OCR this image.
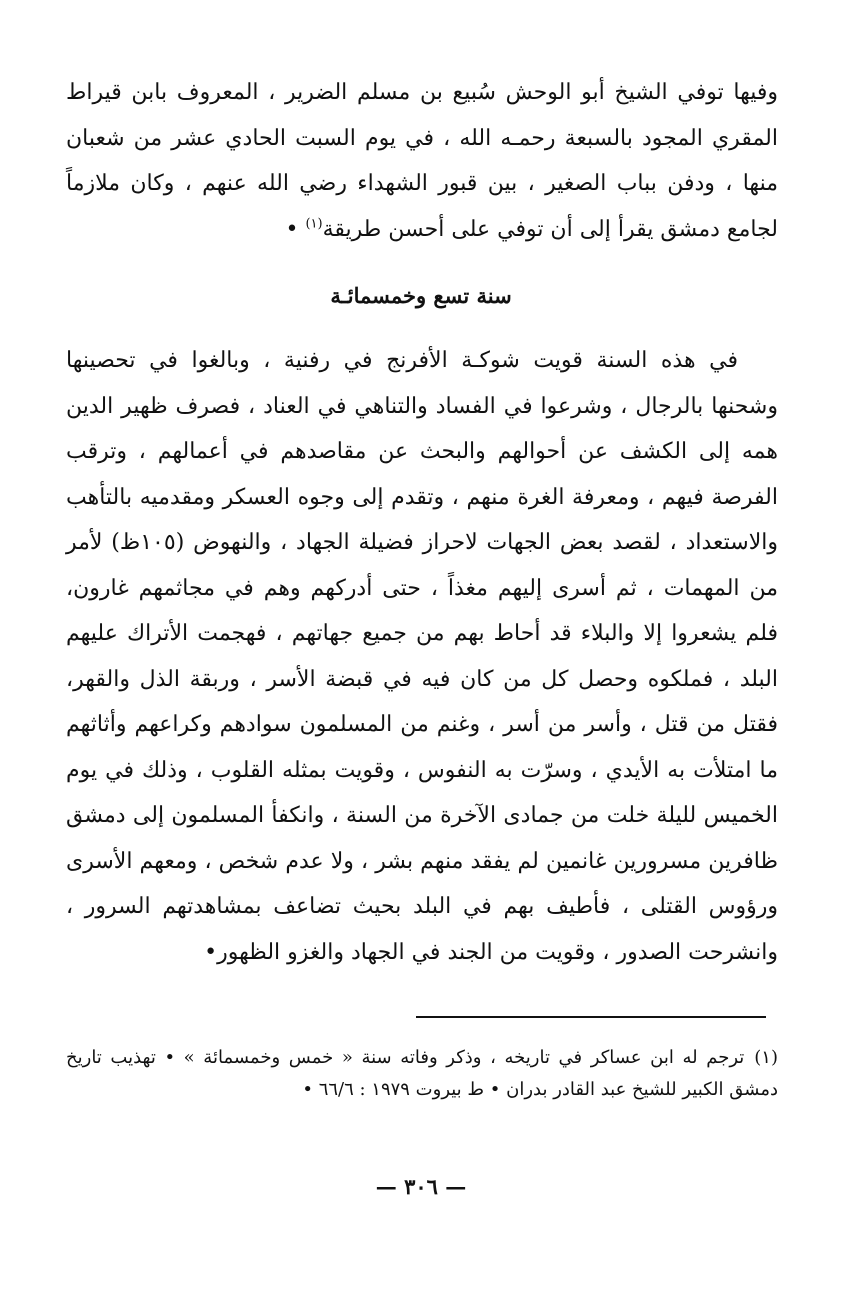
وفيها توفي الشيخ أبو الوحش سُبيع بن مسلم الضرير ، المعروف بابن قيراط المقري المجود بالسبعة رحمـه الله ، في يوم السبت الحادي عشر من شعبان منها ، ودفن بباب الصغير ، بين قبور الشهداء رضي الله عنهم ، وكان ملازماً لجامع دمشق يقرأ إلى أن توفي على أحسن طريقة$^{(١)}$ •

سنة تسع وخمسمائـة

في هذه السنة قويت شوكـة الأفرنج في رفنية ، وبالغوا في تحصينها وشحنها بالرجال ، وشرعوا في الفساد والتناهي في العناد ، فصرف ظهير الدين همه إلى الكشف عن أحوالهم والبحث عن مقاصدهم في أعمالهم ، وترقب الفرصة فيهم ، ومعرفة الغرة منهم ، وتقدم إلى وجوه العسكر ومقدميه بالتأهب والاستعداد ، لقصد بعض الجهات لاحراز فضيلة الجهاد ، والنهوض (١٠٥ظ) لأمر من المهمات ، ثم أسرى إليهم مغذاً ، حتى أدركهم وهم في مجاثمهم غارون، فلم يشعروا إلا والبلاء قد أحاط بهم من جميع جهاتهم ، فهجمت الأتراك عليهم البلد ، فملكوه وحصل كل من كان فيه في قبضة الأسر ، وربقة الذل والقهر، فقتل من قتل ، وأسر من أسر ، وغنم من المسلمون سوادهم وكراعهم وأثاثهم ما امتلأت به الأيدي ، وسرّت به النفوس ، وقويت بمثله القلوب ، وذلك في يوم الخميس لليلة خلت من جمادى الآخرة من السنة ، وانكفأ المسلمون إلى دمشق ظافرين مسرورين غانمين لم يفقد منهم بشر ، ولا عدم شخص ، ومعهم الأسرى ورؤوس القتلى ، فأطيف بهم في البلد بحيث تضاعف بمشاهدتهم السرور ، وانشرحت الصدور ، وقويت من الجند في الجهاد والغزو الظهور•

(١)ترجم له ابن عساكر في تاريخه ، وذكر وفاته سنة « خمس وخمسمائة » • تهذيب تاريخ دمشق الكبير للشيخ عبد القادر بدران • ط بيروت ١٩٧٩ : ٦٦/٦ •
— ٣٠٦ —
